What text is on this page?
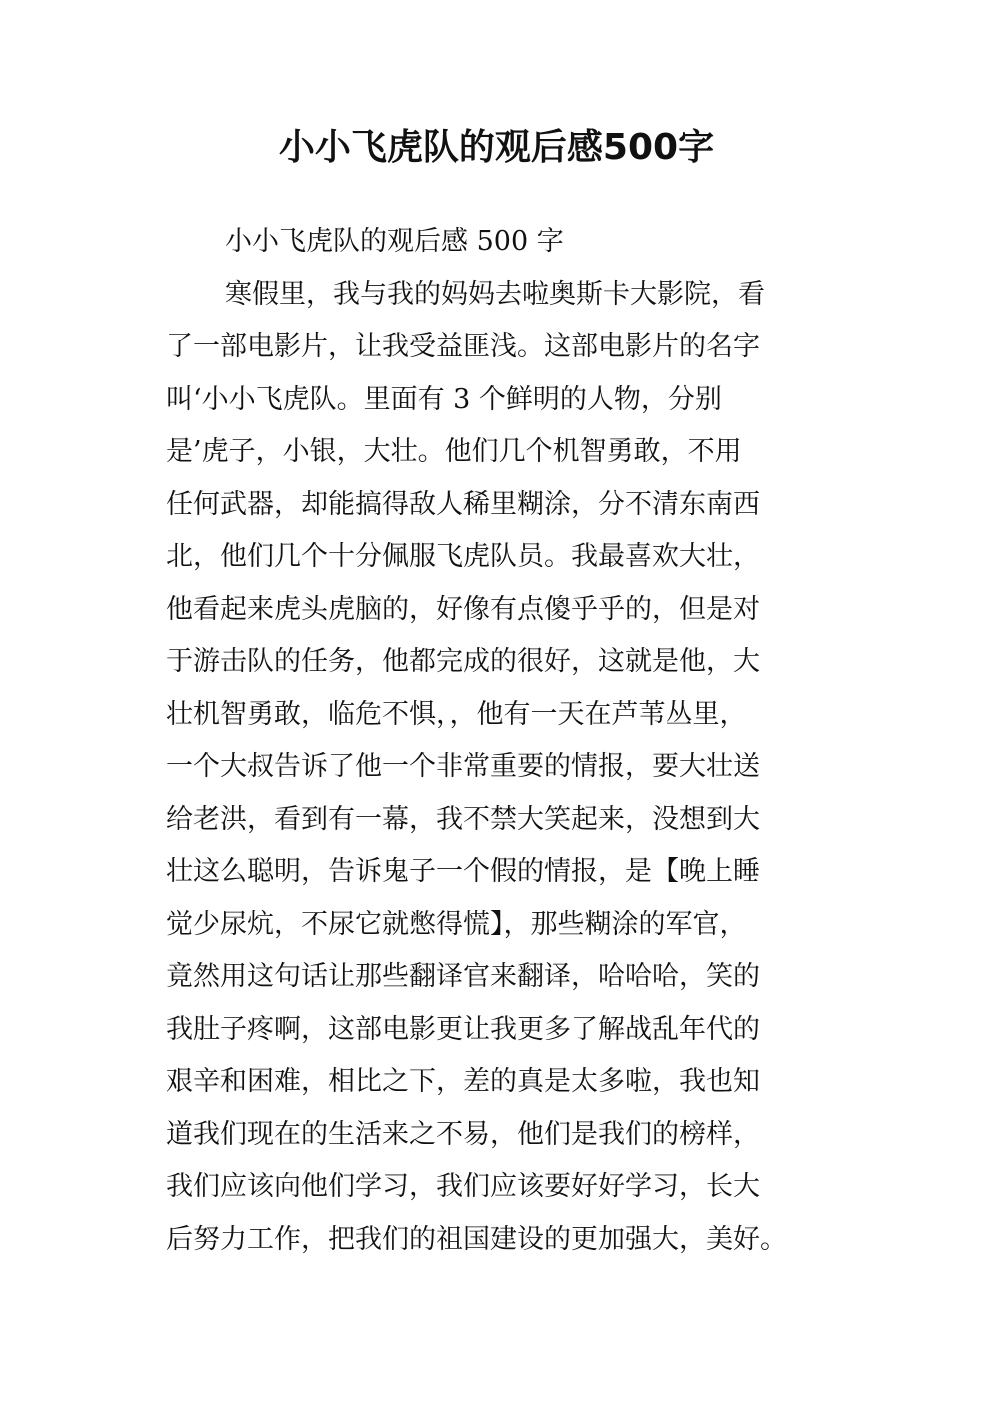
小小飞虎队的观后感500字
小小飞虎队的观后感 500 字
寒假里，我与我的妈妈去啦奥斯卡大影院，看
了一部电影片，让我受益匪浅。这部电影片的名字
叫‘小小飞虎队。里面有 3 个鲜明的人物，分别
是’虎子，小银，大壮。他们几个机智勇敢，不用
任何武器，却能搞得敌人稀里糊涂，分不清东南西
北，他们几个十分佩服飞虎队员。我最喜欢大壮，
他看起来虎头虎脑的，好像有点傻乎乎的，但是对
于游击队的任务，他都完成的很好，这就是他，大
壮机智勇敢，临危不惧，，他有一天在芦苇丛里，
一个大叔告诉了他一个非常重要的情报，要大壮送
给老洪，看到有一幕，我不禁大笑起来，没想到大
壮这么聪明，告诉鬼子一个假的情报，是【晚上睡
觉少尿炕，不尿它就憋得慌】，那些糊涂的军官，
竟然用这句话让那些翻译官来翻译，哈哈哈，笑的
我肚子疼啊，这部电影更让我更多了解战乱年代的
艰辛和困难，相比之下，差的真是太多啦，我也知
道我们现在的生活来之不易，他们是我们的榜样，
我们应该向他们学习，我们应该要好好学习，长大
后努力工作，把我们的祖国建设的更加强大，美好。
